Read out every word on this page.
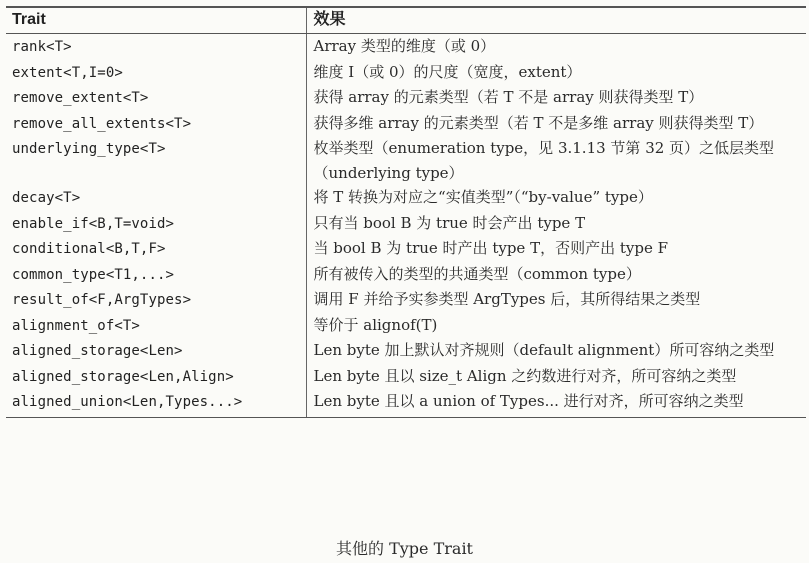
Trait	效果
rank<T>	Array 类型的维度（或 0）
extent<T,I=0>	维度 I（或 0）的尺度（宽度，extent）
remove_extent<T>	获得 array 的元素类型（若 T 不是 array 则获得类型 T）
remove_all_extents<T>	获得多维 array 的元素类型（若 T 不是多维 array 则获得类型 T）
underlying_type<T>	枚举类型（enumeration type，见 3.1.13 节第 32 页）之低层类型（underlying type）
decay<T>	将 T 转换为对应之“实值类型”（“by-value” type）
enable_if<B,T=void>	只有当 bool B 为 true 时会产出 type T
conditional<B,T,F>	当 bool B 为 true 时产出 type T，否则产出 type F
common_type<T1,...>	所有被传入的类型的共通类型（common type）
result_of<F,ArgTypes>	调用 F 并给予实参类型 ArgTypes 后，其所得结果之类型
alignment_of<T>	等价于 alignof(T)
aligned_storage<Len>	Len byte 加上默认对齐规则（default alignment）所可容纳之类型
aligned_storage<Len,Align>	Len byte 且以 size_t Align 之约数进行对齐，所可容纳之类型
aligned_union<Len,Types...>	Len byte 且以 a union of Types... 进行对齐，所可容纳之类型
其他的 Type Trait
